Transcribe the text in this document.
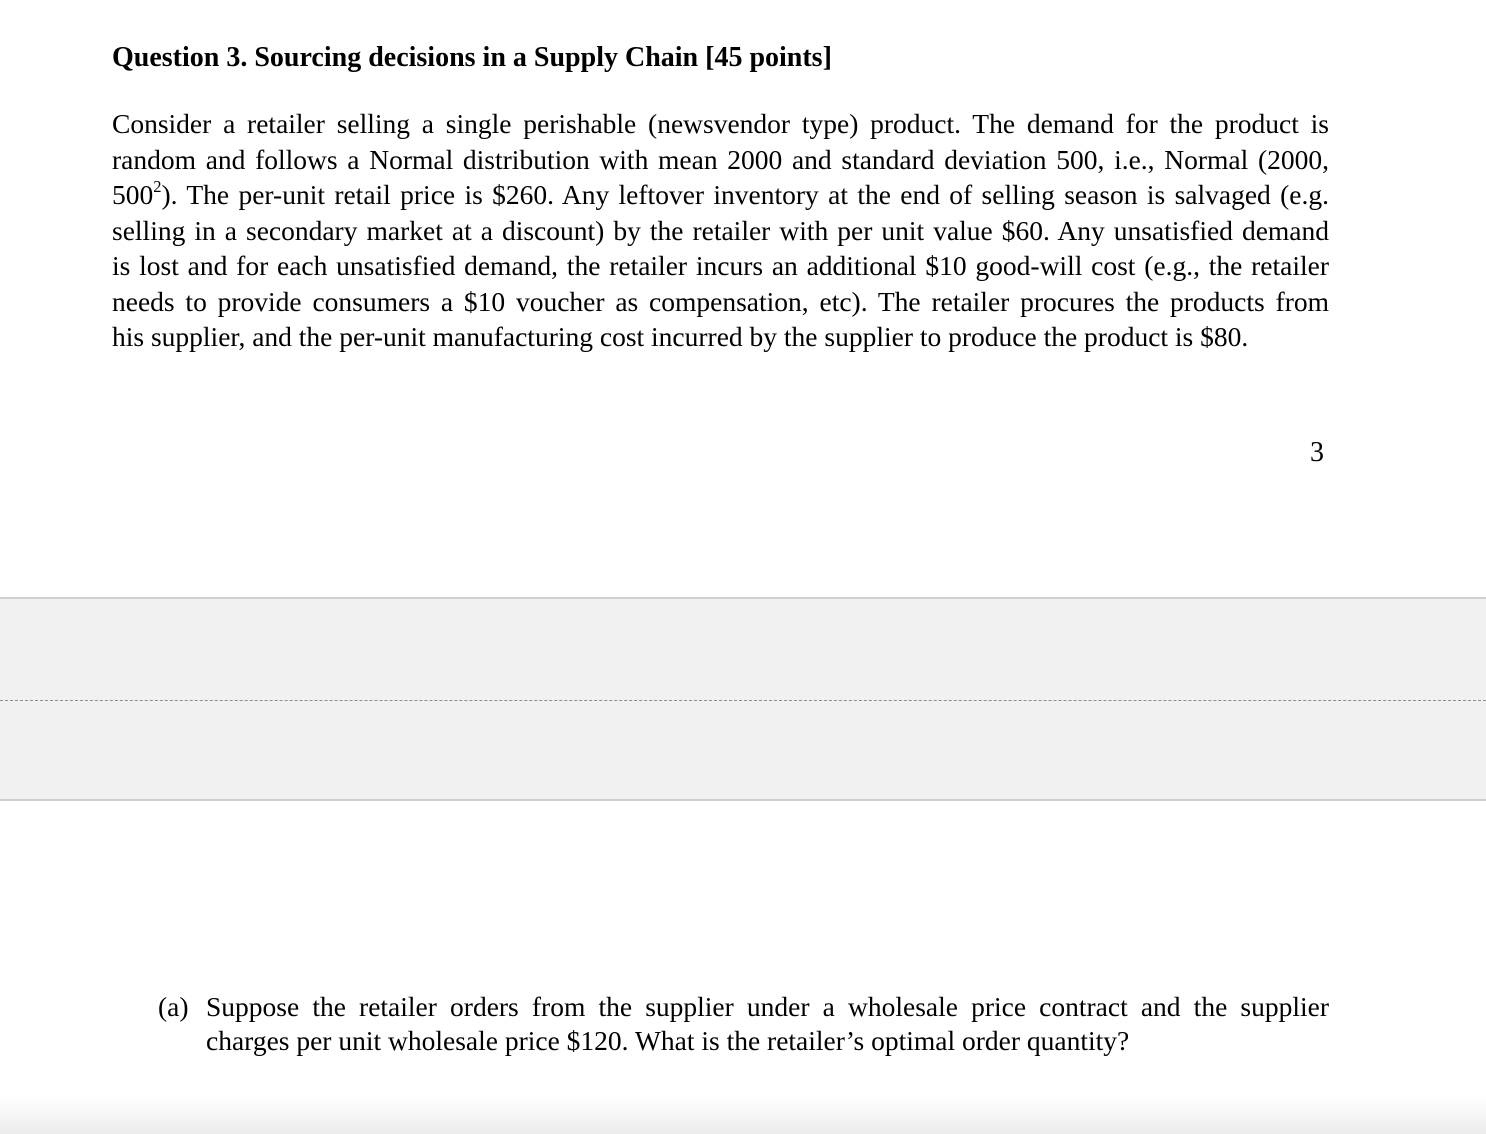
Question 3. Sourcing decisions in a Supply Chain [45 points]
Consider a retailer selling a single perishable (newsvendor type) product. The demand for the product is
random and follows a Normal distribution with mean 2000 and standard deviation 500, i.e., Normal (2000,
$500^2$). The per-unit retail price is $260. Any leftover inventory at the end of selling season is salvaged (e.g.
selling in a secondary market at a discount) by the retailer with per unit value $60. Any unsatisfied demand
is lost and for each unsatisfied demand, the retailer incurs an additional $10 good-will cost (e.g., the retailer
needs to provide consumers a $10 voucher as compensation, etc). The retailer procures the products from
his supplier, and the per-unit manufacturing cost incurred by the supplier to produce the product is $80.
3
(a) Suppose the retailer orders from the supplier under a wholesale price contract and the supplier
charges per unit wholesale price $120. What is the retailer’s optimal order quantity?
